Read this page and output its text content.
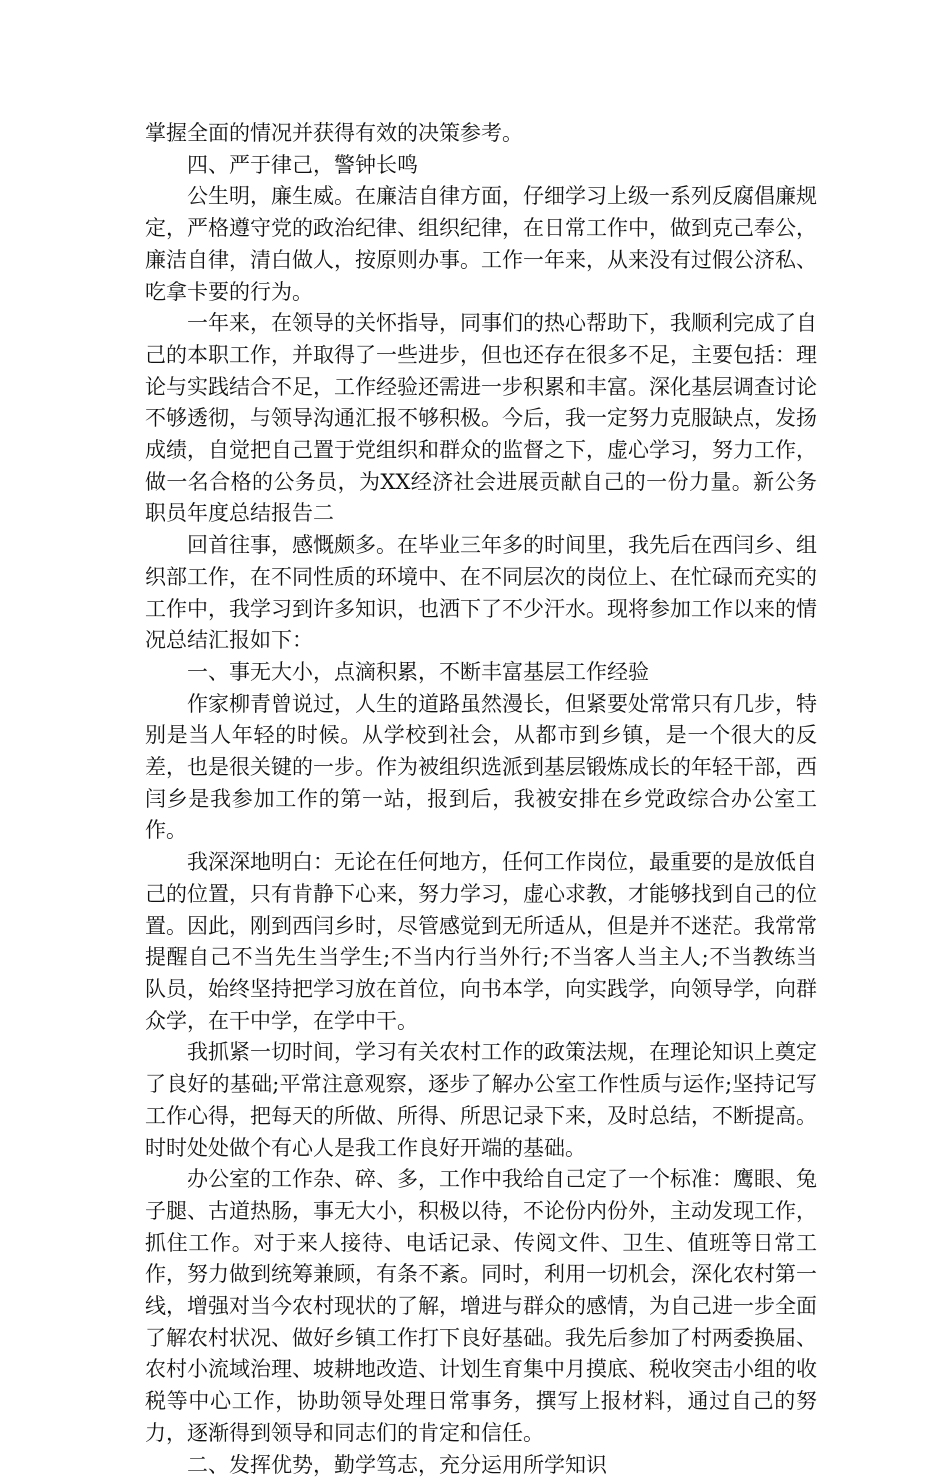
掌握全面的情况并获得有效的决策参考。

四、严于律己，警钟长鸣

公生明，廉生威。在廉洁自律方面，仔细学习上级一系列反腐倡廉规定，严格遵守党的政治纪律、组织纪律，在日常工作中，做到克己奉公，廉洁自律，清白做人，按原则办事。工作一年来，从来没有过假公济私、吃拿卡要的行为。

一年来，在领导的关怀指导，同事们的热心帮助下，我顺利完成了自己的本职工作，并取得了一些进步，但也还存在很多不足，主要包括：理论与实践结合不足，工作经验还需进一步积累和丰富。深化基层调查讨论不够透彻，与领导沟通汇报不够积极。今后，我一定努力克服缺点，发扬成绩，自觉把自己置于党组织和群众的监督之下，虚心学习，努力工作，做一名合格的公务员，为XX经济社会进展贡献自己的一份力量。新公务职员年度总结报告二

回首往事，感慨颇多。在毕业三年多的时间里，我先后在西闫乡、组织部工作，在不同性质的环境中、在不同层次的岗位上、在忙碌而充实的工作中，我学习到许多知识，也洒下了不少汗水。现将参加工作以来的情况总结汇报如下：

一、事无大小，点滴积累，不断丰富基层工作经验

作家柳青曾说过，人生的道路虽然漫长，但紧要处常常只有几步，特别是当人年轻的时候。从学校到社会，从都市到乡镇，是一个很大的反差，也是很关键的一步。作为被组织选派到基层锻炼成长的年轻干部，西闫乡是我参加工作的第一站，报到后，我被安排在乡党政综合办公室工作。

我深深地明白：无论在任何地方，任何工作岗位，最重要的是放低自己的位置，只有肯静下心来，努力学习，虚心求教，才能够找到自己的位置。因此，刚到西闫乡时，尽管感觉到无所适从，但是并不迷茫。我常常提醒自己不当先生当学生;不当内行当外行;不当客人当主人;不当教练当队员，始终坚持把学习放在首位，向书本学，向实践学，向领导学，向群众学，在干中学，在学中干。

我抓紧一切时间，学习有关农村工作的政策法规，在理论知识上奠定了良好的基础;平常注意观察，逐步了解办公室工作性质与运作;坚持记写工作心得，把每天的所做、所得、所思记录下来，及时总结，不断提高。时时处处做个有心人是我工作良好开端的基础。

办公室的工作杂、碎、多，工作中我给自己定了一个标准：鹰眼、兔子腿、古道热肠，事无大小，积极以待，不论份内份外，主动发现工作，抓住工作。对于来人接待、电话记录、传阅文件、卫生、值班等日常工作，努力做到统筹兼顾，有条不紊。同时，利用一切机会，深化农村第一线，增强对当今农村现状的了解，增进与群众的感情，为自己进一步全面了解农村状况、做好乡镇工作打下良好基础。我先后参加了村两委换届、农村小流域治理、坡耕地改造、计划生育集中月摸底、税收突击小组的收税等中心工作，协助领导处理日常事务，撰写上报材料，通过自己的努力，逐渐得到领导和同志们的肯定和信任。

二、发挥优势，勤学笃志，充分运用所学知识
